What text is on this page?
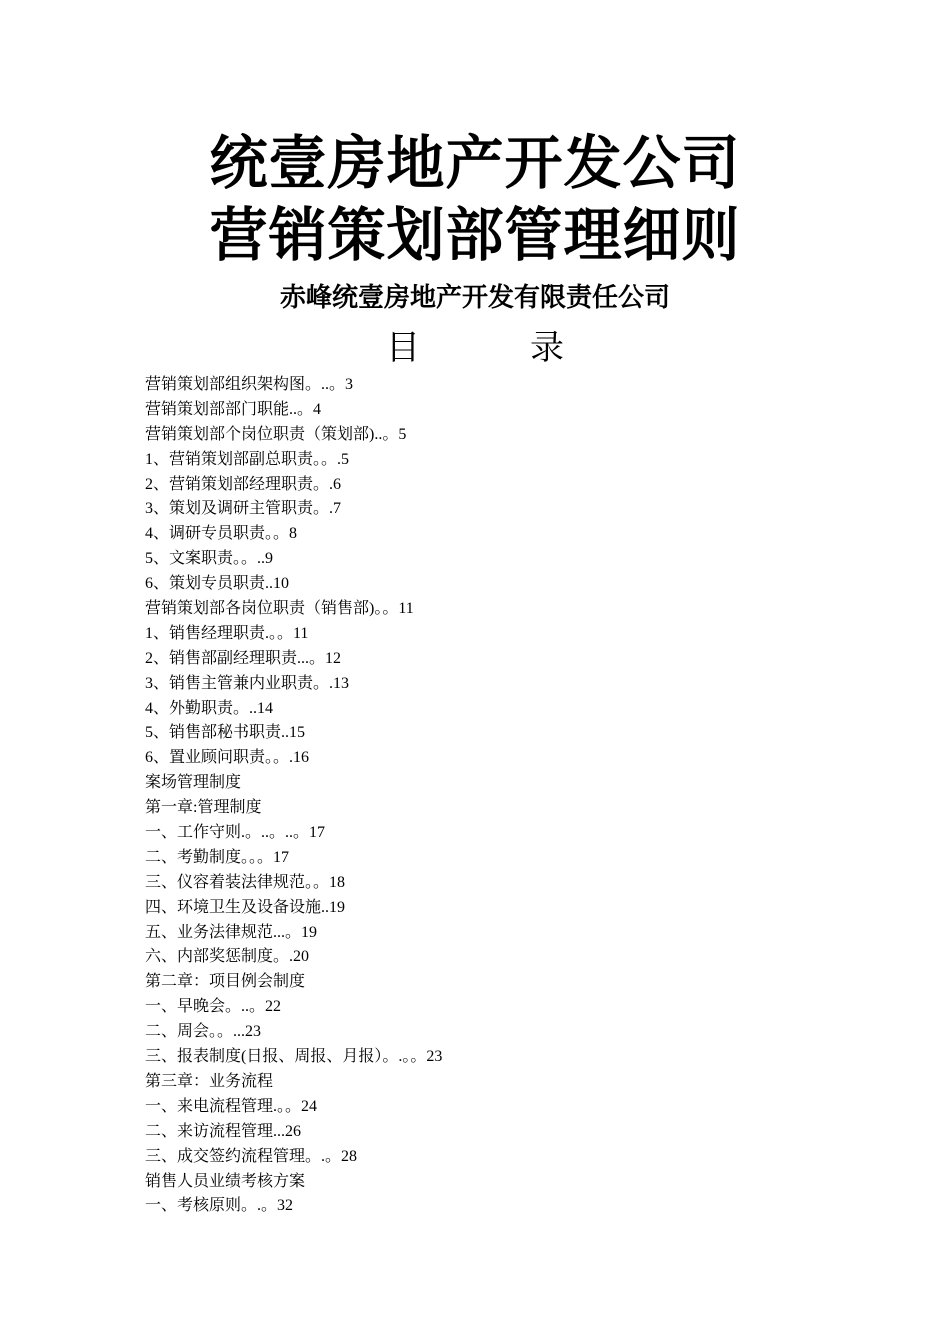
统壹房地产开发公司
营销策划部管理细则
赤峰统壹房地产开发有限责任公司
目	录
营销策划部组织架构图。..。3
营销策划部部门职能..。4
营销策划部个岗位职责（策划部)..。5
1、营销策划部副总职责。。.5
2、营销策划部经理职责。.6
3、策划及调研主管职责。.7
4、调研专员职责。。8
5、文案职责。。..9
6、策划专员职责..10
营销策划部各岗位职责（销售部)。。11
1、销售经理职责.。。11
2、销售部副经理职责...。12
3、销售主管兼内业职责。.13
4、外勤职责。..14
5、销售部秘书职责..15
6、置业顾问职责。。.16
案场管理制度
第一章:管理制度
一、工作守则.。..。..。17
二、考勤制度。。。17
三、仪容着装法律规范。。18
四、环境卫生及设备设施..19
五、业务法律规范...。19
六、内部奖惩制度。.20
第二章：项目例会制度
一、早晚会。..。22
二、周会。。...23
三、报表制度(日报、周报、月报）。.。。23
第三章：业务流程
一、来电流程管理.。。24
二、来访流程管理...26
三、成交签约流程管理。.。28
销售人员业绩考核方案
一、考核原则。.。32
